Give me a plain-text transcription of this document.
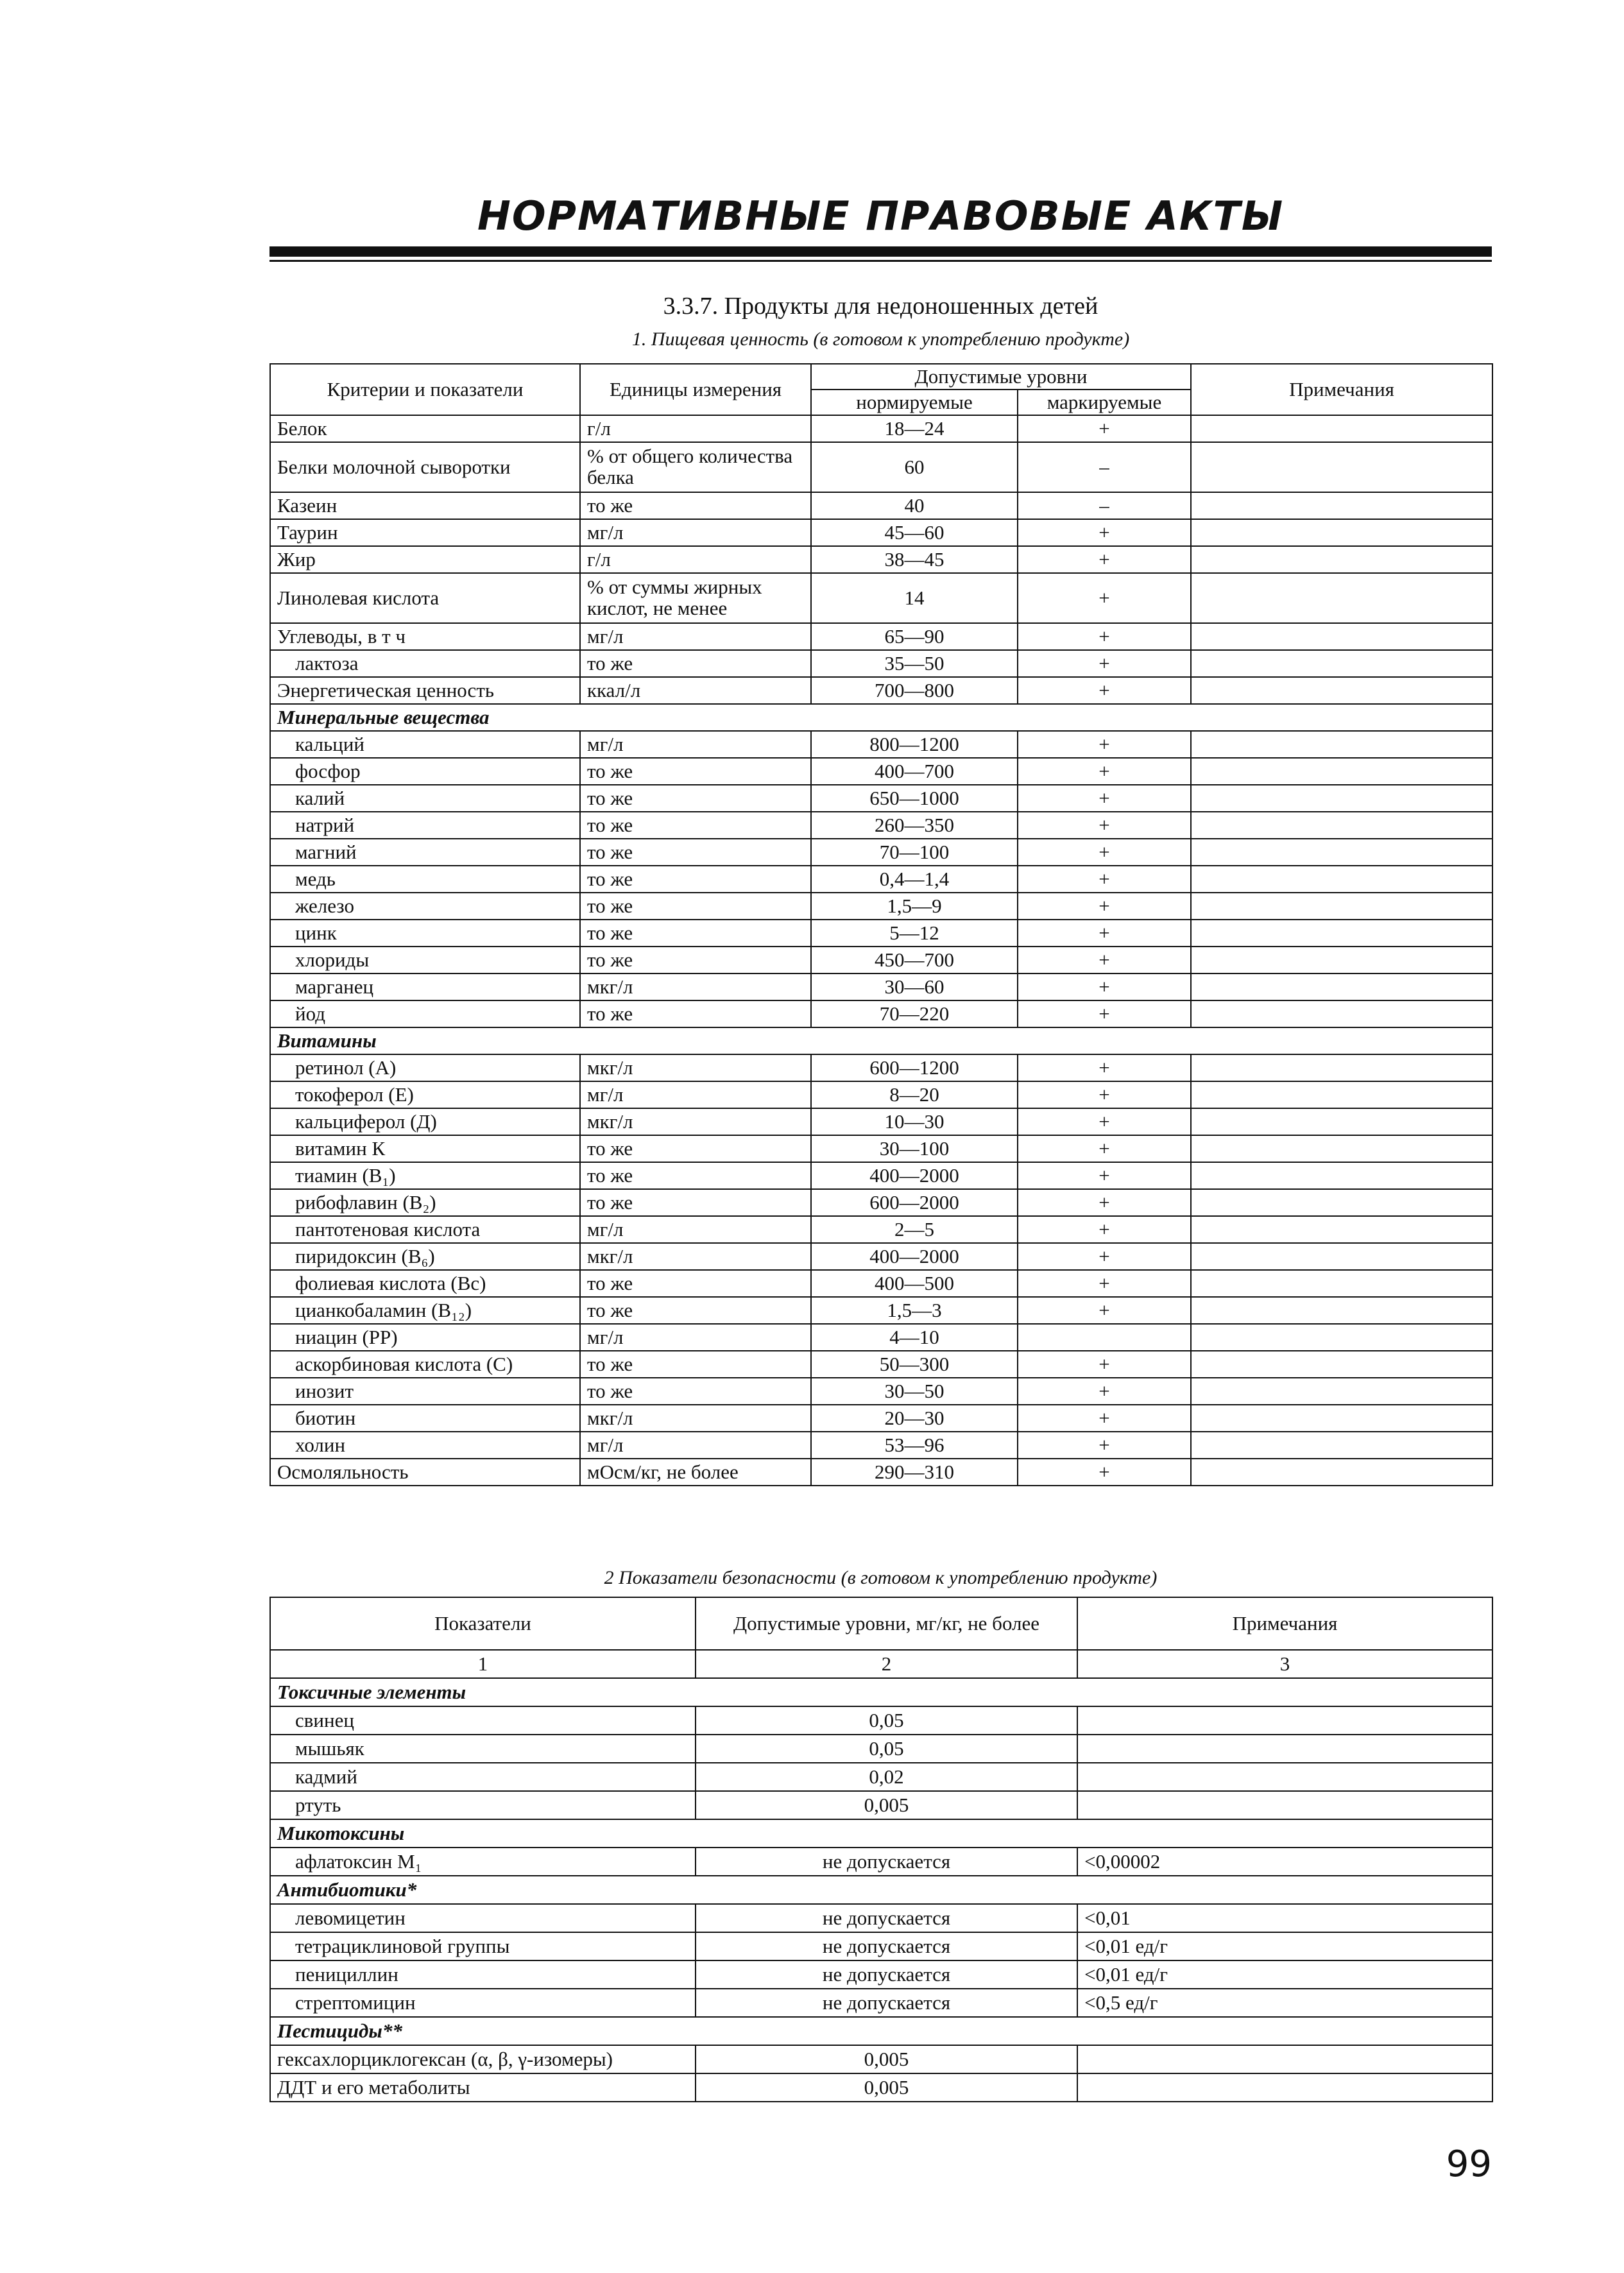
НОРМАТИВНЫЕ ПРАВОВЫЕ АКТЫ
3.3.7. Продукты для недоношенных детей
1. Пищевая ценность (в готовом к употреблению продукте)
Критерии и показатели	Единицы измерения	Допустимые уровни		Примечания
		нормируемые	маркируемые	
Белок	г/л	18—24	+	
Белки молочной сыворотки	% от общего количества белка	60	–	
Казеин	то же	40	–	
Таурин	мг/л	45—60	+	
Жир	г/л	38—45	+	
Линолевая кислота	% от суммы жирных кислот, не менее	14	+	
Углеводы, в т ч	мг/л	65—90	+	
лактоза	то же	35—50	+	
Энергетическая ценность	ккал/л	700—800	+	
Минеральные вещества				
кальций	мг/л	800—1200	+	
фосфор	то же	400—700	+	
калий	то же	650—1000	+	
натрий	то же	260—350	+	
магний	то же	70—100	+	
медь	то же	0,4—1,4	+	
железо	то же	1,5—9	+	
цинк	то же	5—12	+	
хлориды	то же	450—700	+	
марганец	мкг/л	30—60	+	
йод	то же	70—220	+	
Витамины				
ретинол (А)	мкг/л	600—1200	+	
токоферол (Е)	мг/л	8—20	+	
кальциферол (Д)	мкг/л	10—30	+	
витамин К	то же	30—100	+	
тиамин (B₁)	то же	400—2000	+	
рибофлавин (B₂)	то же	600—2000	+	
пантотеновая кислота	мг/л	2—5	+	
пиридоксин (B₆)	мкг/л	400—2000	+	
фолиевая кислота (Bc)	то же	400—500	+	
цианкобаламин (B₁₂)	то же	1,5—3	+	
ниацин (PP)	мг/л	4—10		
аскорбиновая кислота (С)	то же	50—300	+	
инозит	то же	30—50	+	
биотин	мкг/л	20—30	+	
холин	мг/л	53—96	+	
Осмоляльность	мОсм/кг, не более	290—310	+	
2 Показатели безопасности (в готовом к употреблению продукте)
Показатели	Допустимые уровни, мг/кг, не более	Примечания
1	2	3
Токсичные элементы		
свинец	0,05	
мышьяк	0,05	
кадмий	0,02	
ртуть	0,005	
Микотоксины		
афлатоксин M₁	не допускается	<0,00002
Антибиотики*		
левомицетин	не допускается	<0,01
тетрациклиновой группы	не допускается	<0,01 ед/г
пенициллин	не допускается	<0,01 ед/г
стрептомицин	не допускается	<0,5 ед/г
Пестициды**		
гексахлорциклогексан (α, β, γ-изомеры)	0,005	
ДДТ и его метаболиты	0,005	
99
